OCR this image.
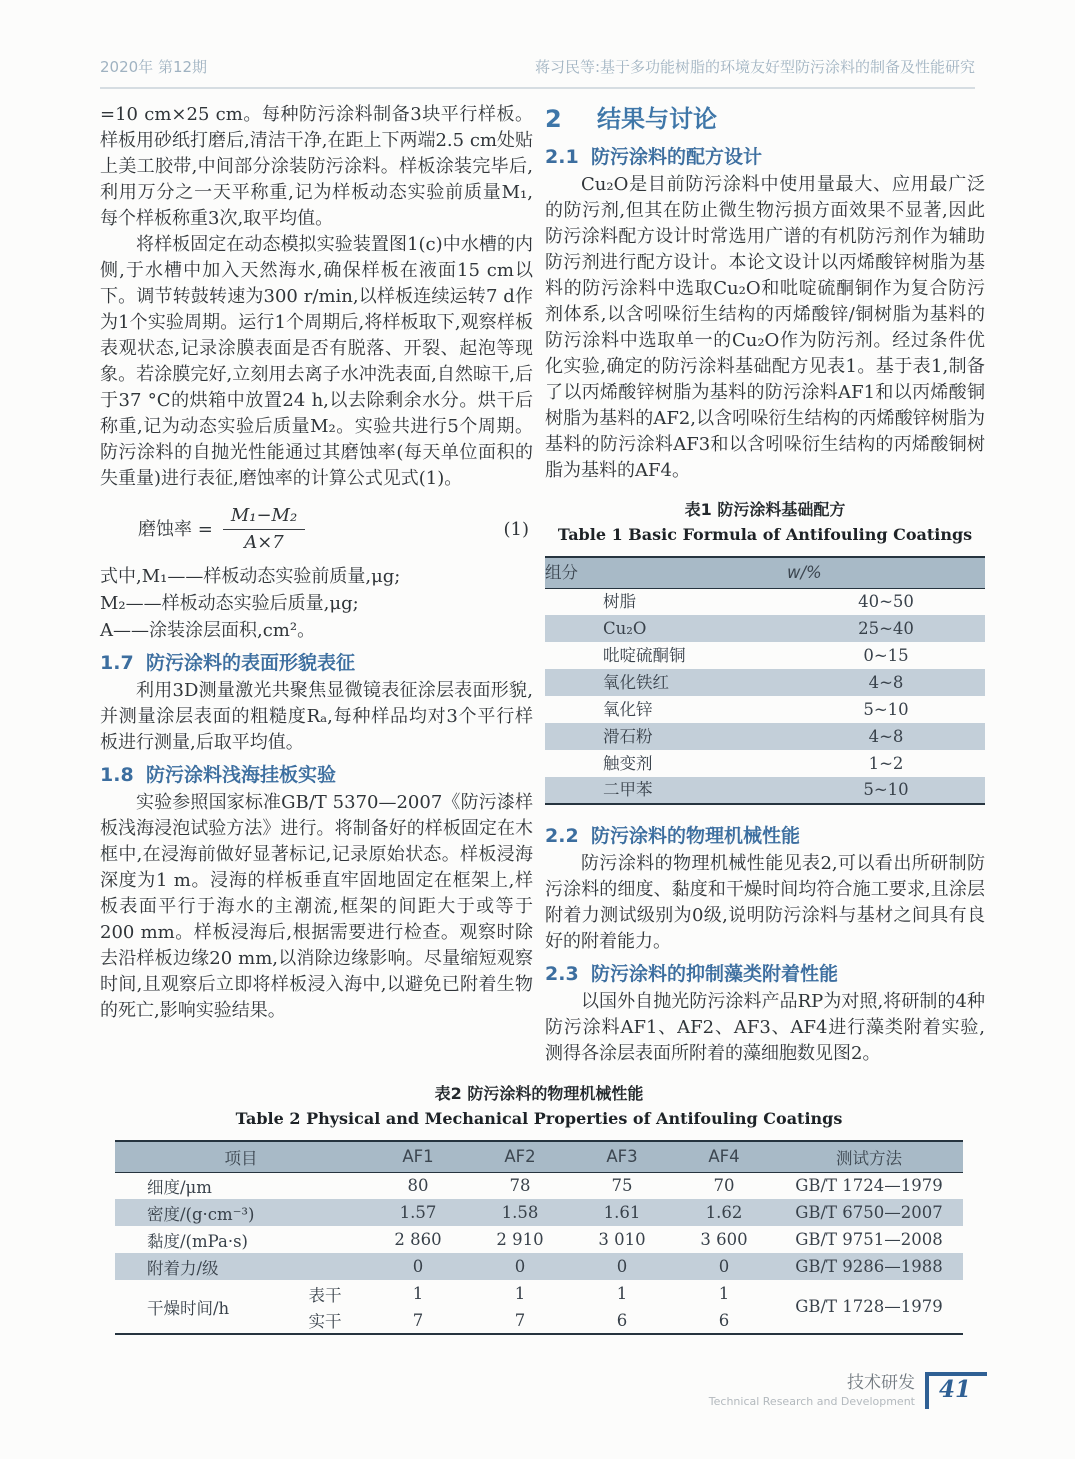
2020年 第12期	蒋习民等:基于多功能树脂的环境友好型防污涂料的制备及性能研究

=10 cm×25 cm。每种防污涂料制备3块平行样板。样板用砂纸打磨后,清洁干净,在距上下两端2.5 cm处贴上美工胶带,中间部分涂装防污涂料。样板涂装完毕后,利用万分之一天平称重,记为样板动态实验前质量M₁,每个样板称重3次,取平均值。

将样板固定在动态模拟实验装置图1(c)中水槽的内侧,于水槽中加入天然海水,确保样板在液面15 cm以下。调节转鼓转速为300 r/min,以样板连续运转7 d作为1个实验周期。运行1个周期后,将样板取下,观察样板表观状态,记录涂膜表面是否有脱落、开裂、起泡等现象。若涂膜完好,立刻用去离子水冲洗表面,自然晾干,后于37 °C的烘箱中放置24 h,以去除剩余水分。烘干后称重,记为动态实验后质量M₂。实验共进行5个周期。防污涂料的自抛光性能通过其磨蚀率(每天单位面积的失重量)进行表征,磨蚀率的计算公式见式(1)。

磨蚀率 = $\frac{\text{M₁−M₂}}{A\times 7}$	(1)

式中,M₁——样板动态实验前质量,μg;

M₂——样板动态实验后质量,μg;

A——涂装涂层面积,cm²。

1.7 防污涂料的表面形貌表征

利用3D测量激光共聚焦显微镜表征涂层表面形貌,并测量涂层表面的粗糙度Rₐ,每种样品均对3个平行样板进行测量,后取平均值。

1.8 防污涂料浅海挂板实验

实验参照国家标准GB/T 5370—2007《防污漆样板浅海浸泡试验方法》进行。将制备好的样板固定在木框中,在浸海前做好显著标记,记录原始状态。样板浸海深度为1 m。浸海的样板垂直牢固地固定在框架上,样板表面平行于海水的主潮流,框架的间距大于或等于200 mm。样板浸海后,根据需要进行检查。观察时除去沿样板边缘20 mm,以消除边缘影响。尽量缩短观察时间,且观察后立即将样板浸入海中,以避免已附着生物的死亡,影响实验结果。

2	结果与讨论
2.1 防污涂料的配方设计

Cu₂O是目前防污涂料中使用量最大、应用最广泛的防污剂,但其在防止微生物污损方面效果不显著,因此防污涂料配方设计时常选用广谱的有机防污剂作为辅助防污剂进行配方设计。本论文设计以丙烯酸锌树脂为基料的防污涂料中选取Cu₂O和吡啶硫酮铜作为复合防污剂体系,以含吲哚衍生结构的丙烯酸锌/铜树脂为基料的防污涂料中选取单一的Cu₂O作为防污剂。经过条件优化实验,确定的防污涂料基础配方见表1。基于表1,制备了以丙烯酸锌树脂为基料的防污涂料AF1和以丙烯酸铜树脂为基料的AF2,以含吲哚衍生结构的丙烯酸锌树脂为基料的防污涂料AF3和以含吲哚衍生结构的丙烯酸铜树脂为基料的AF4。

表1 防污涂料基础配方
Table 1 Basic Formula of Antifouling Coatings
组分	w/%
树脂	40~50
Cu₂O	25~40
吡啶硫酮铜	0~15
氧化铁红	4~8
氧化锌	5~10
滑石粉	4~8
触变剂	1~2
二甲苯	5~10
2.2 防污涂料的物理机械性能

防污涂料的物理机械性能见表2,可以看出所研制防污涂料的细度、黏度和干燥时间均符合施工要求,且涂层附着力测试级别为0级,说明防污涂料与基材之间具有良好的附着能力。

2.3 防污涂料的抑制藻类附着性能

以国外自抛光防污涂料产品RP为对照,将研制的4种防污涂料AF1、AF2、AF3、AF4进行藻类附着实验,测得各涂层表面所附着的藻细胞数见图2。

表2 防污涂料的物理机械性能
Table 2 Physical and Mechanical Properties of Antifouling Coatings
项目		AF1	AF2	AF3	AF4	测试方法
细度/μm		80	78	75	70	GB/T 1724—1979
密度/(g·cm⁻³)		1.57	1.58	1.61	1.62	GB/T 6750—2007
黏度/(mPa·s)		2 860	2 910	3 010	3 600	GB/T 9751—2008
附着力/级		0	0	0	0	GB/T 9286—1988
干燥时间/h	表干	1	1	1	1	GB/T 1728—1979
	实干	7	7	6	6	
技术研发
Technical Research and Development	41
